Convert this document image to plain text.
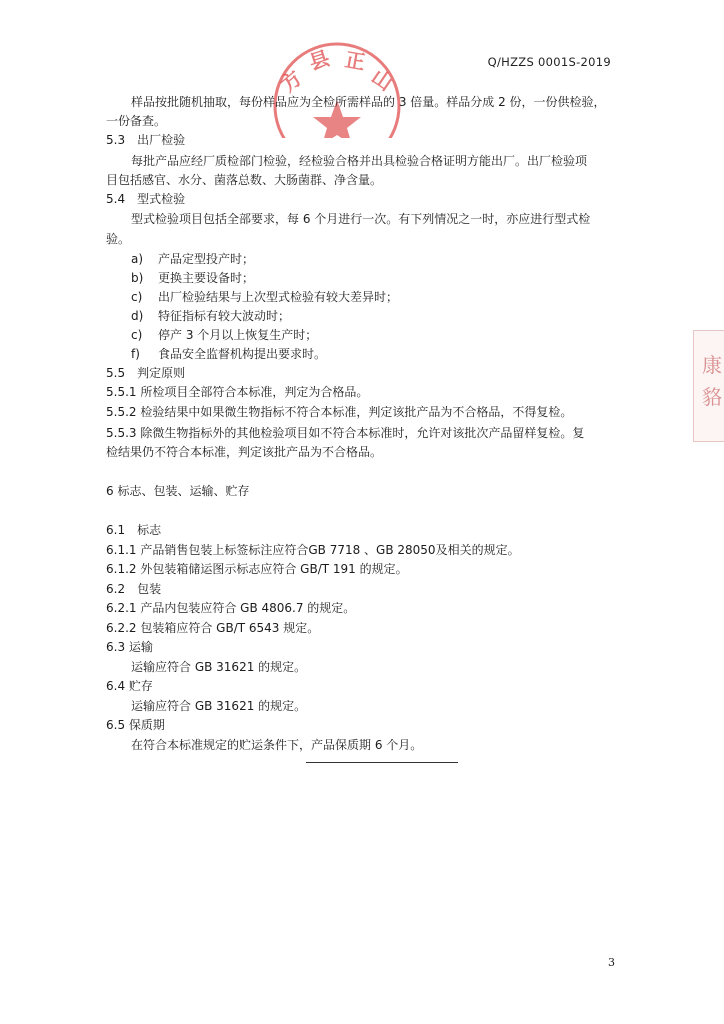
Q/HZZS 0001S-2019
方
县 正
山
康
貉
样品按批随机抽取，每份样品应为全检所需样品的 3 倍量。样品分成 2 份，一份供检验，
一份备查。
5.3　出厂检验
每批产品应经厂质检部门检验，经检验合格并出具检验合格证明方能出厂。出厂检验项
目包括感官、水分、菌落总数、大肠菌群、净含量。
5.4　型式检验
型式检验项目包括全部要求，每 6 个月进行一次。有下列情况之一时，亦应进行型式检
验。
a) 产品定型投产时；
b) 更换主要设备时；
c) 出厂检验结果与上次型式检验有较大差异时；
d) 特征指标有较大波动时；
c) 停产 3 个月以上恢复生产时；
f) 食品安全监督机构提出要求时。
5.5　判定原则
5.5.1 所检项目全部符合本标准，判定为合格品。
5.5.2 检验结果中如果微生物指标不符合本标准，判定该批产品为不合格品，不得复检。
5.5.3 除微生物指标外的其他检验项目如不符合本标准时，允许对该批次产品留样复检。复
检结果仍不符合本标准，判定该批产品为不合格品。
6 标志、包装、运输、贮存
6.1　标志
6.1.1 产品销售包装上标签标注应符合GB 7718 、GB 28050及相关的规定。
6.1.2 外包装箱储运图示标志应符合 GB/T 191 的规定。
6.2　包装
6.2.1 产品内包装应符合 GB 4806.7 的规定。
6.2.2 包装箱应符合 GB/T 6543 规定。
6.3 运输
运输应符合 GB 31621 的规定。
6.4 贮存
运输应符合 GB 31621 的规定。
6.5 保质期
在符合本标准规定的贮运条件下，产品保质期 6 个月。
3
